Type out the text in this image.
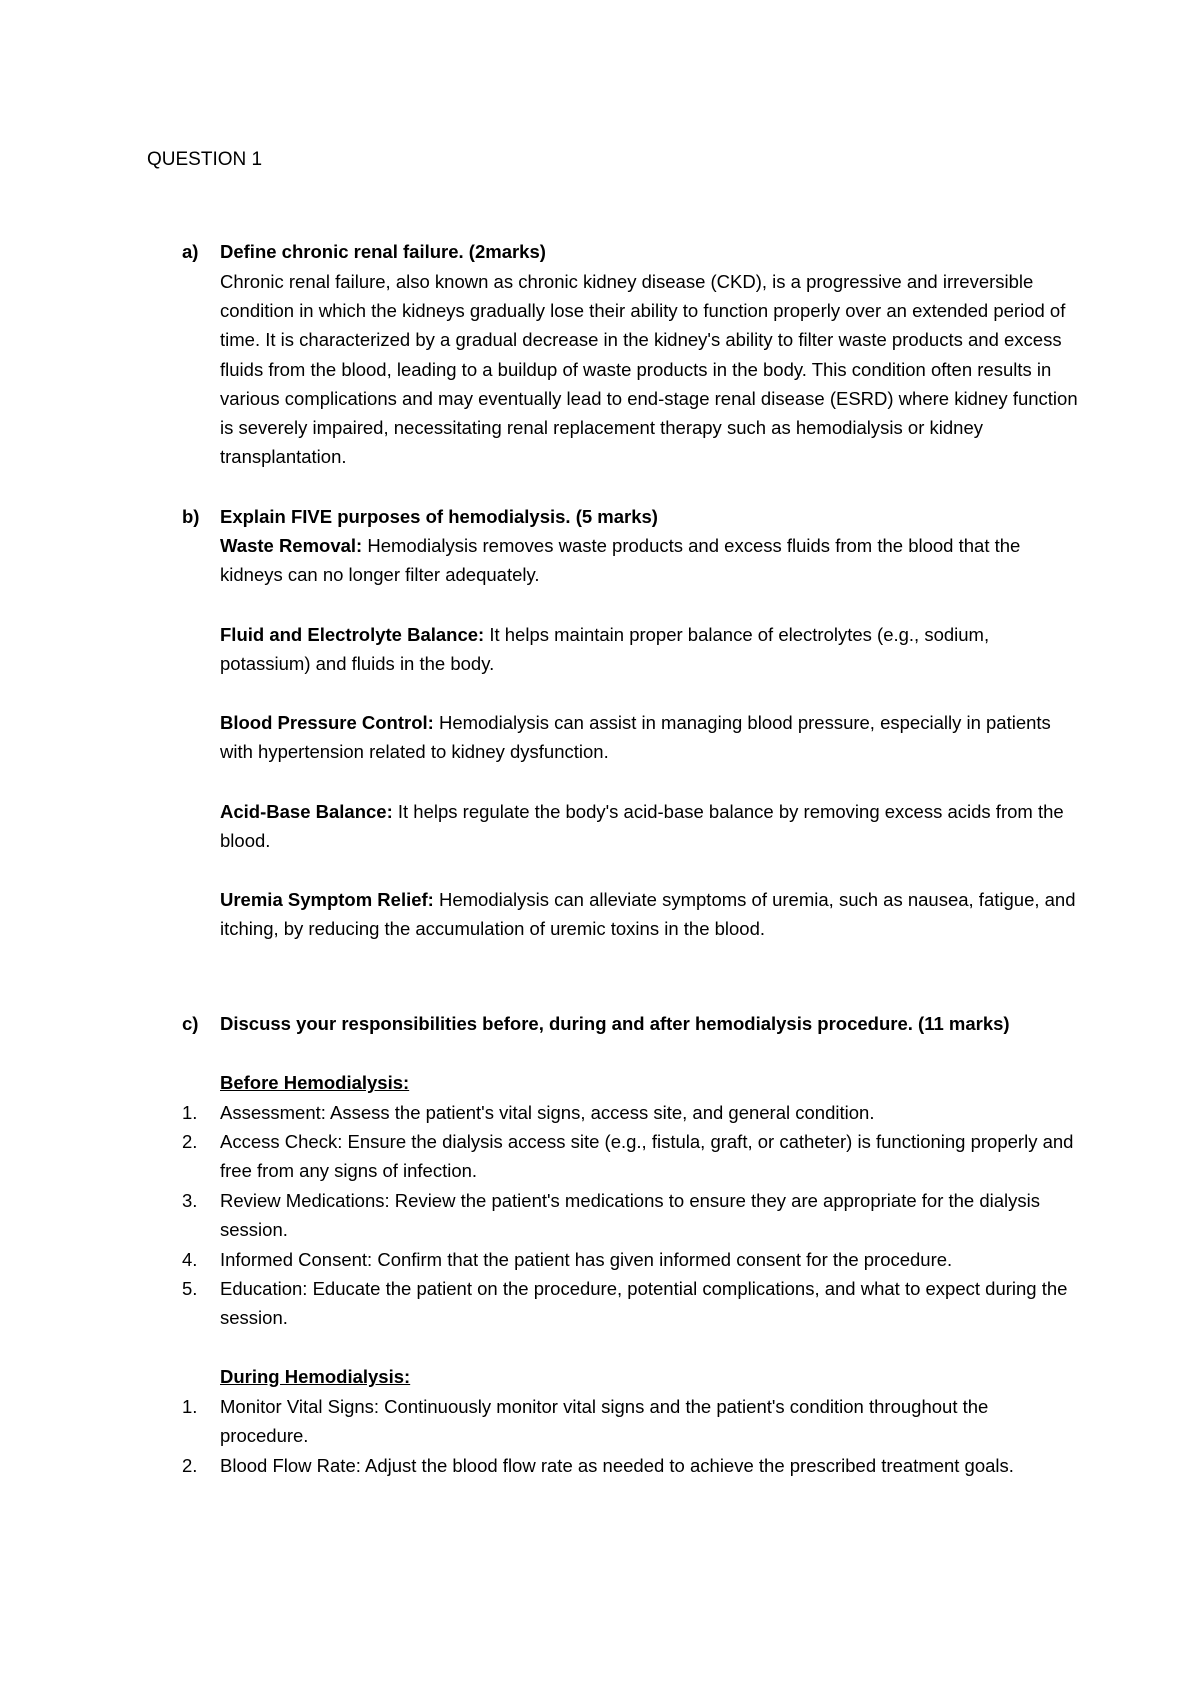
QUESTION 1
a) Define chronic renal failure. (2marks)

Chronic renal failure, also known as chronic kidney disease (CKD), is a progressive and irreversible condition in which the kidneys gradually lose their ability to function properly over an extended period of time. It is characterized by a gradual decrease in the kidney's ability to filter waste products and excess fluids from the blood, leading to a buildup of waste products in the body. This condition often results in various complications and may eventually lead to end-stage renal disease (ESRD) where kidney function is severely impaired, necessitating renal replacement therapy such as hemodialysis or kidney transplantation.

b) Explain FIVE purposes of hemodialysis. (5 marks)

Waste Removal: Hemodialysis removes waste products and excess fluids from the blood that the kidneys can no longer filter adequately.

Fluid and Electrolyte Balance: It helps maintain proper balance of electrolytes (e.g., sodium, potassium) and fluids in the body.

Blood Pressure Control: Hemodialysis can assist in managing blood pressure, especially in patients with hypertension related to kidney dysfunction.

Acid-Base Balance: It helps regulate the body's acid-base balance by removing excess acids from the blood.

Uremia Symptom Relief: Hemodialysis can alleviate symptoms of uremia, such as nausea, fatigue, and itching, by reducing the accumulation of uremic toxins in the blood.

c) Discuss your responsibilities before, during and after hemodialysis procedure. (11 marks)
Before Hemodialysis:
1. Assessment: Assess the patient's vital signs, access site, and general condition.
2. Access Check: Ensure the dialysis access site (e.g., fistula, graft, or catheter) is functioning properly and free from any signs of infection.
3. Review Medications: Review the patient's medications to ensure they are appropriate for the dialysis session.
4. Informed Consent: Confirm that the patient has given informed consent for the procedure.
5. Education: Educate the patient on the procedure, potential complications, and what to expect during the session.
During Hemodialysis:
1. Monitor Vital Signs: Continuously monitor vital signs and the patient's condition throughout the procedure.
2. Blood Flow Rate: Adjust the blood flow rate as needed to achieve the prescribed treatment goals.
